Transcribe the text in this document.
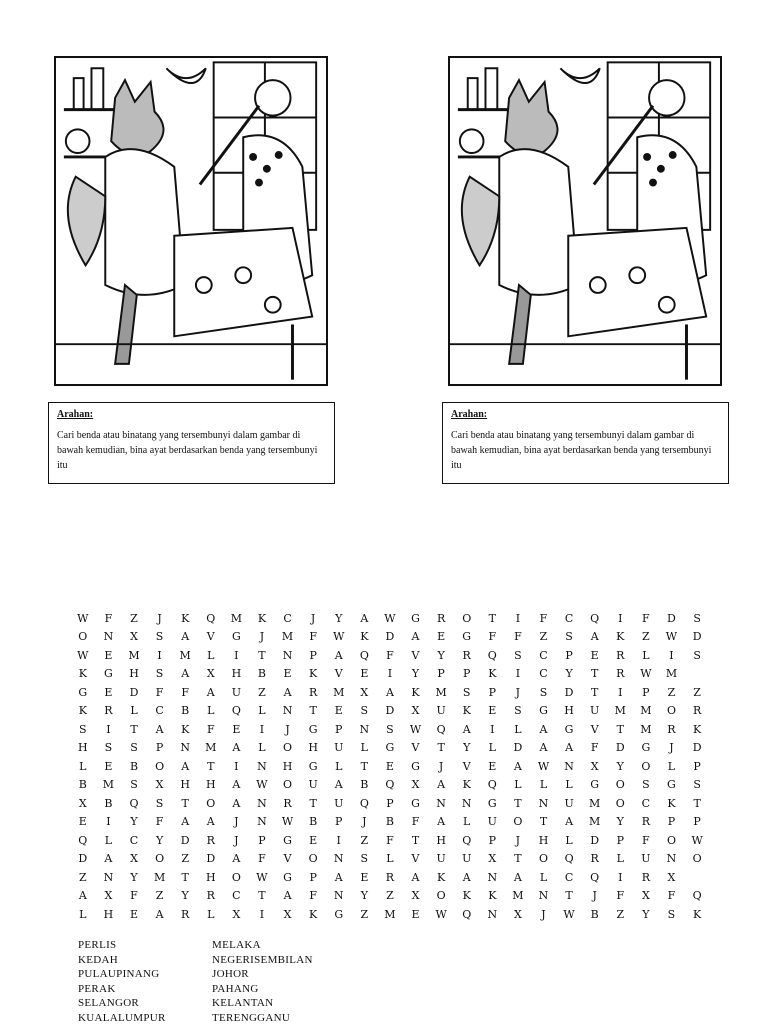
Arahan:
Cari benda atau binatang yang tersembunyi dalam gambar di bawah kemudian, bina ayat berdasarkan benda yang tersembunyi itu
Arahan:
Cari benda atau binatang yang tersembunyi dalam gambar di bawah kemudian, bina ayat berdasarkan benda yang tersembunyi itu
W	F	Z	J	K	Q	M	K	C	J	Y	A	W	G	R	O	T	I	F	C	Q	I	F	D	S
O	N	X	S	A	V	G	J	M	F	W	K	D	A	E	G	F	F	Z	S	A	K	Z	W	D
W	E	M	I	M	L	I	T	N	P	A	Q	F	V	Y	R	Q	S	C	P	E	R	L	I	S
K	G	H	S	A	X	H	B	E	K	V	E	I	Y	P	P	K	I	C	Y	T	R	W	M	
G	E	D	F	F	A	U	Z	A	R	M	X	A	K	M	S	P	J	S	D	T	I	P	Z	Z
K	R	L	C	B	L	Q	L	N	T	E	S	D	X	U	K	E	S	G	H	U	M	M	O	R
S	I	T	A	K	F	E	I	J	G	P	N	S	W	Q	A	I	L	A	G	V	T	M	R	K
H	S	S	P	N	M	A	L	O	H	U	L	G	V	T	Y	L	D	A	A	F	D	G	J	D
L	E	B	O	A	T	I	N	H	G	L	T	E	G	J	V	E	A	W	N	X	Y	O	L	P
B	M	S	X	H	H	A	W	O	U	A	B	Q	X	A	K	Q	L	L	L	G	O	S	G	S
X	B	Q	S	T	O	A	N	R	T	U	Q	P	G	N	N	G	T	N	U	M	O	C	K	T
E	I	Y	F	A	A	J	N	W	B	P	J	B	F	A	L	U	O	T	A	M	Y	R	P	P
Q	L	C	Y	D	R	J	P	G	E	I	Z	F	T	H	Q	P	J	H	L	D	P	F	O	W
D	A	X	O	Z	D	A	F	V	O	N	S	L	V	U	U	X	T	O	Q	R	L	U	N	O
Z	N	Y	M	T	H	O	W	G	P	A	E	R	A	K	A	N	A	L	C	Q	I	R	X	
A	X	F	Z	Y	R	C	T	A	F	N	Y	Z	X	O	K	K	M	N	T	J	F	X	F	Q
L	H	E	A	R	L	X	I	X	K	G	Z	M	E	W	Q	N	X	J	W	B	Z	Y	S	K
PERLIS
KEDAH
PULAUPINANG
PERAK
SELANGOR
KUALALUMPUR
MELAKA
NEGERISEMBILAN
JOHOR
PAHANG
KELANTAN
TERENGGANU
